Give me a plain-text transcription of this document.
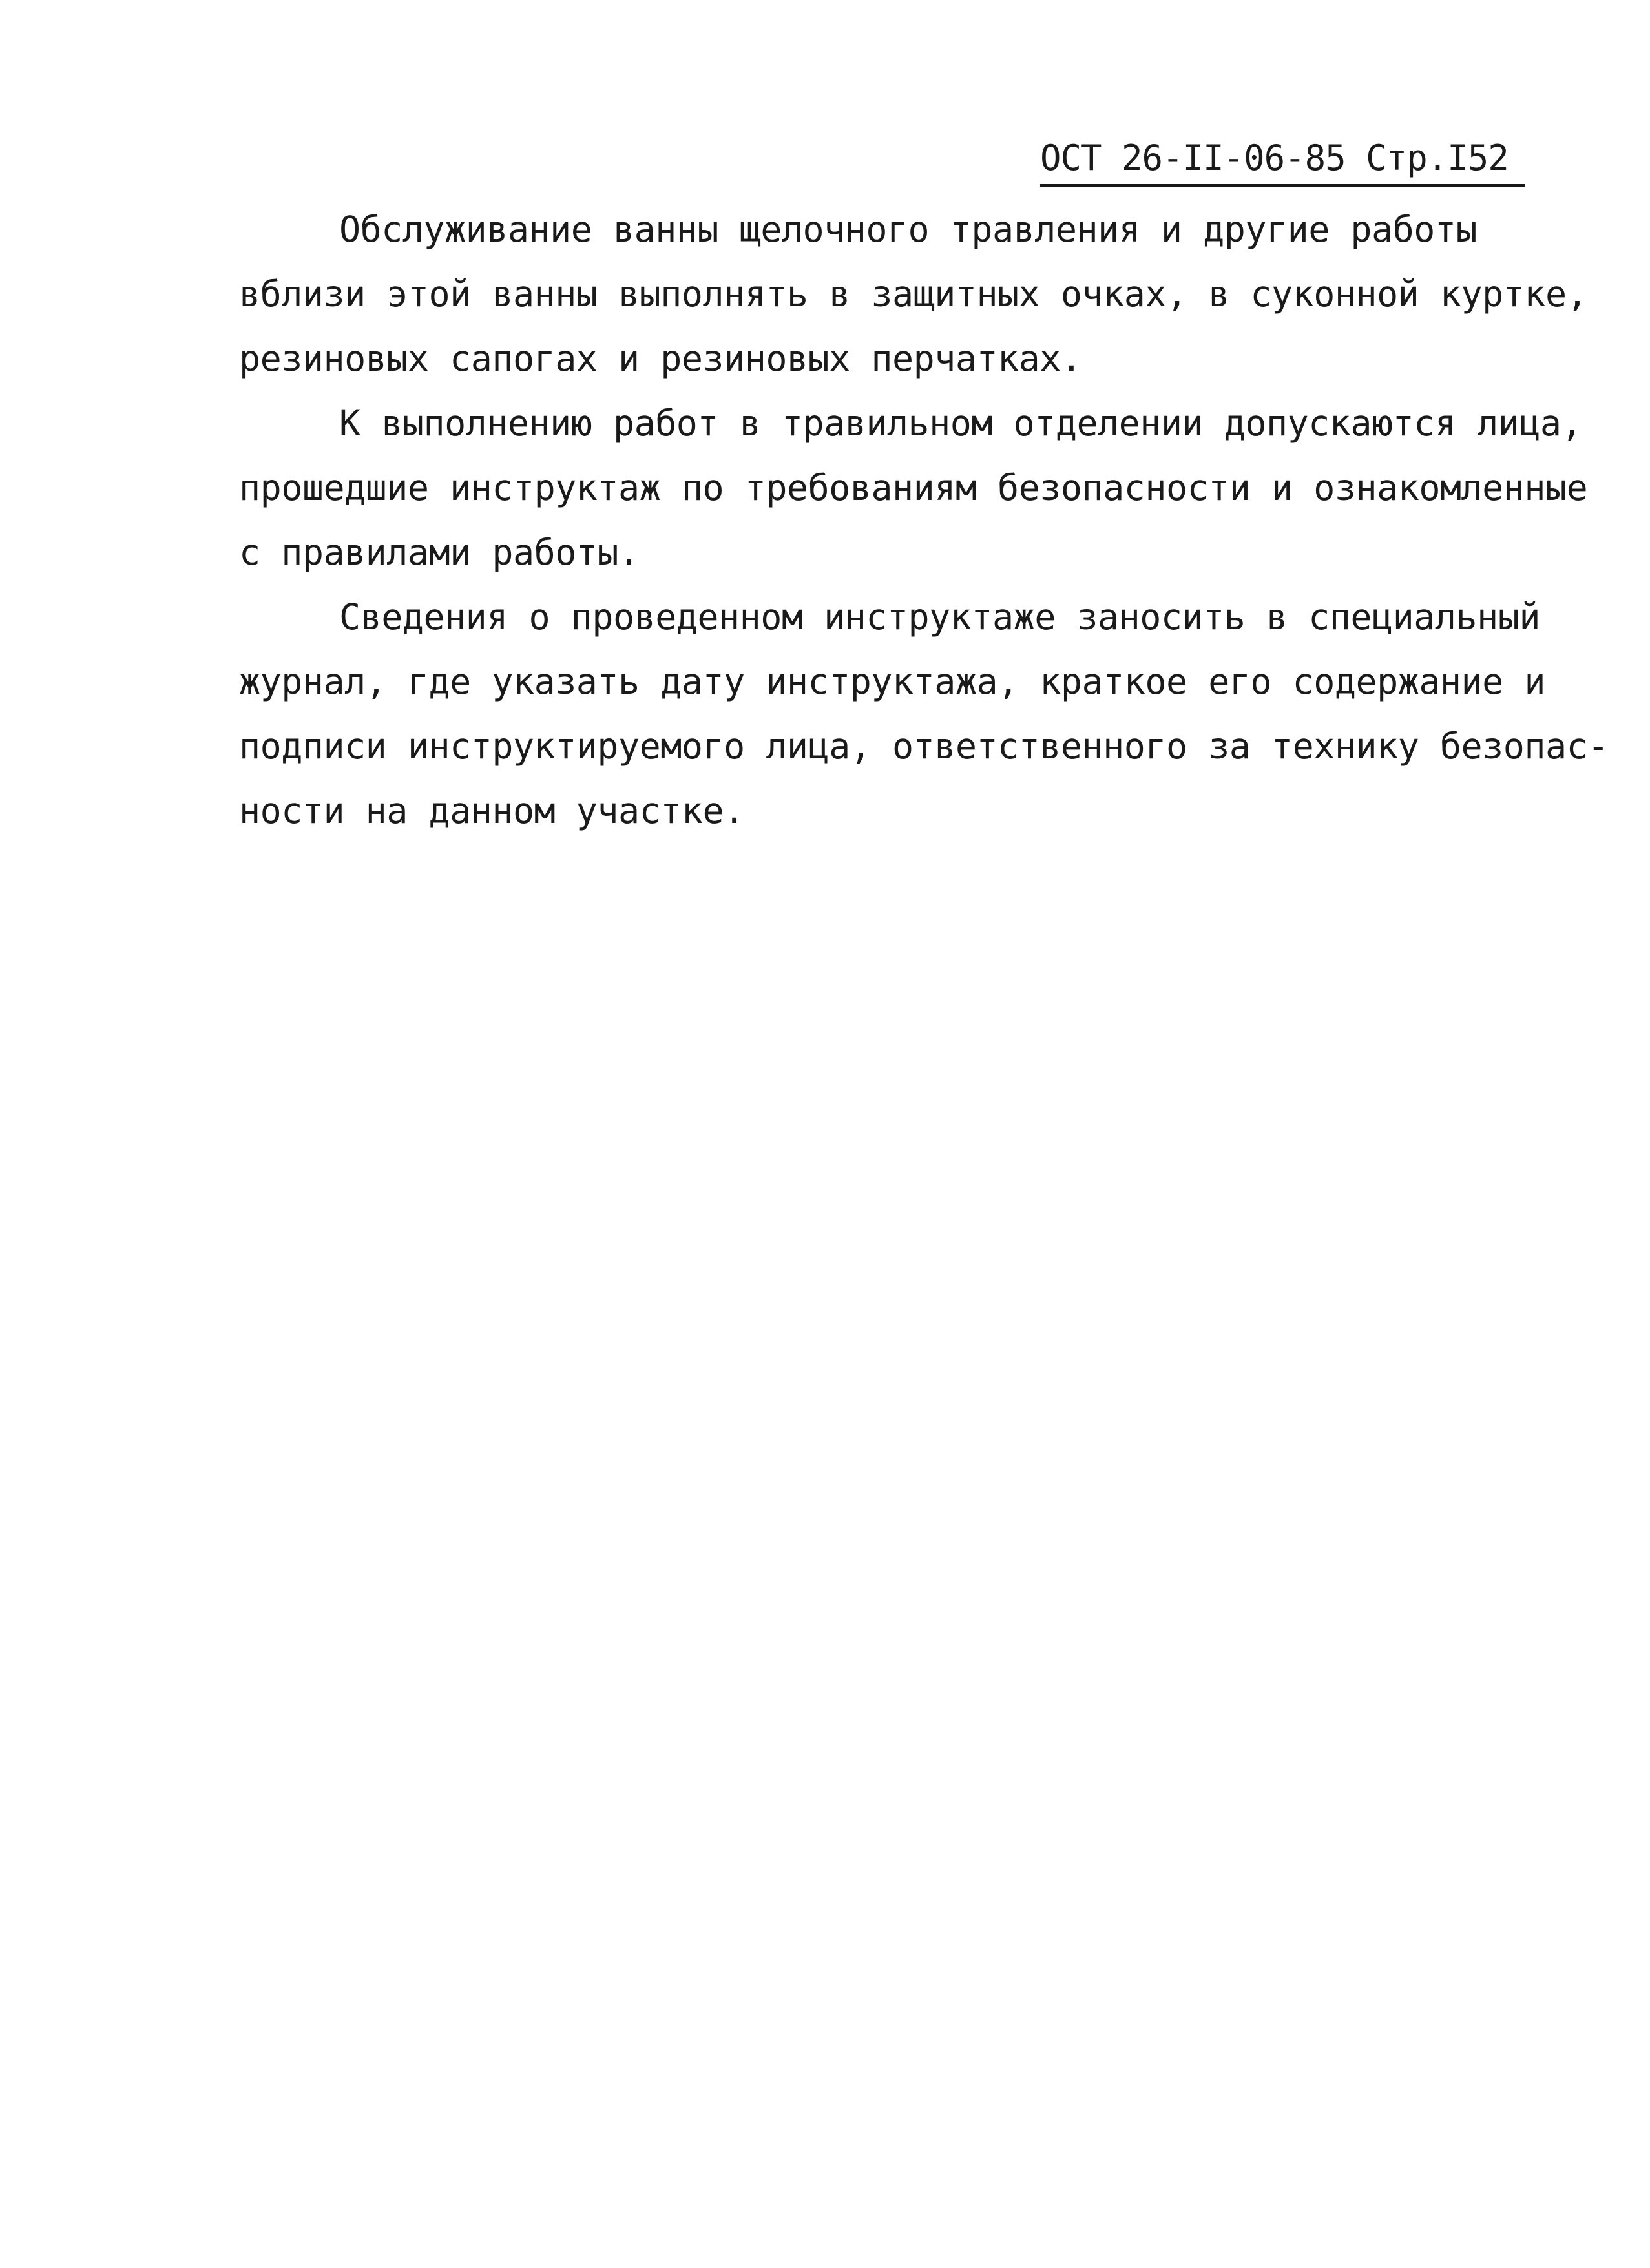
ОСТ 26-II-06-85 Стр.I52
Обслуживание ванны щелочного травления и другие работы
вблизи этой ванны выполнять в защитных очках, в суконной куртке,
резиновых сапогах и резиновых перчатках.
К выполнению работ в травильном отделении допускаются лица,
прошедшие инструктаж по требованиям безопасности и ознакомленные
с правилами работы.
Сведения о проведенном инструктаже заносить в специальный
журнал, где указать дату инструктажа, краткое его содержание и
подписи инструктируемого лица, ответственного за технику безопас-
ности на данном участке.
